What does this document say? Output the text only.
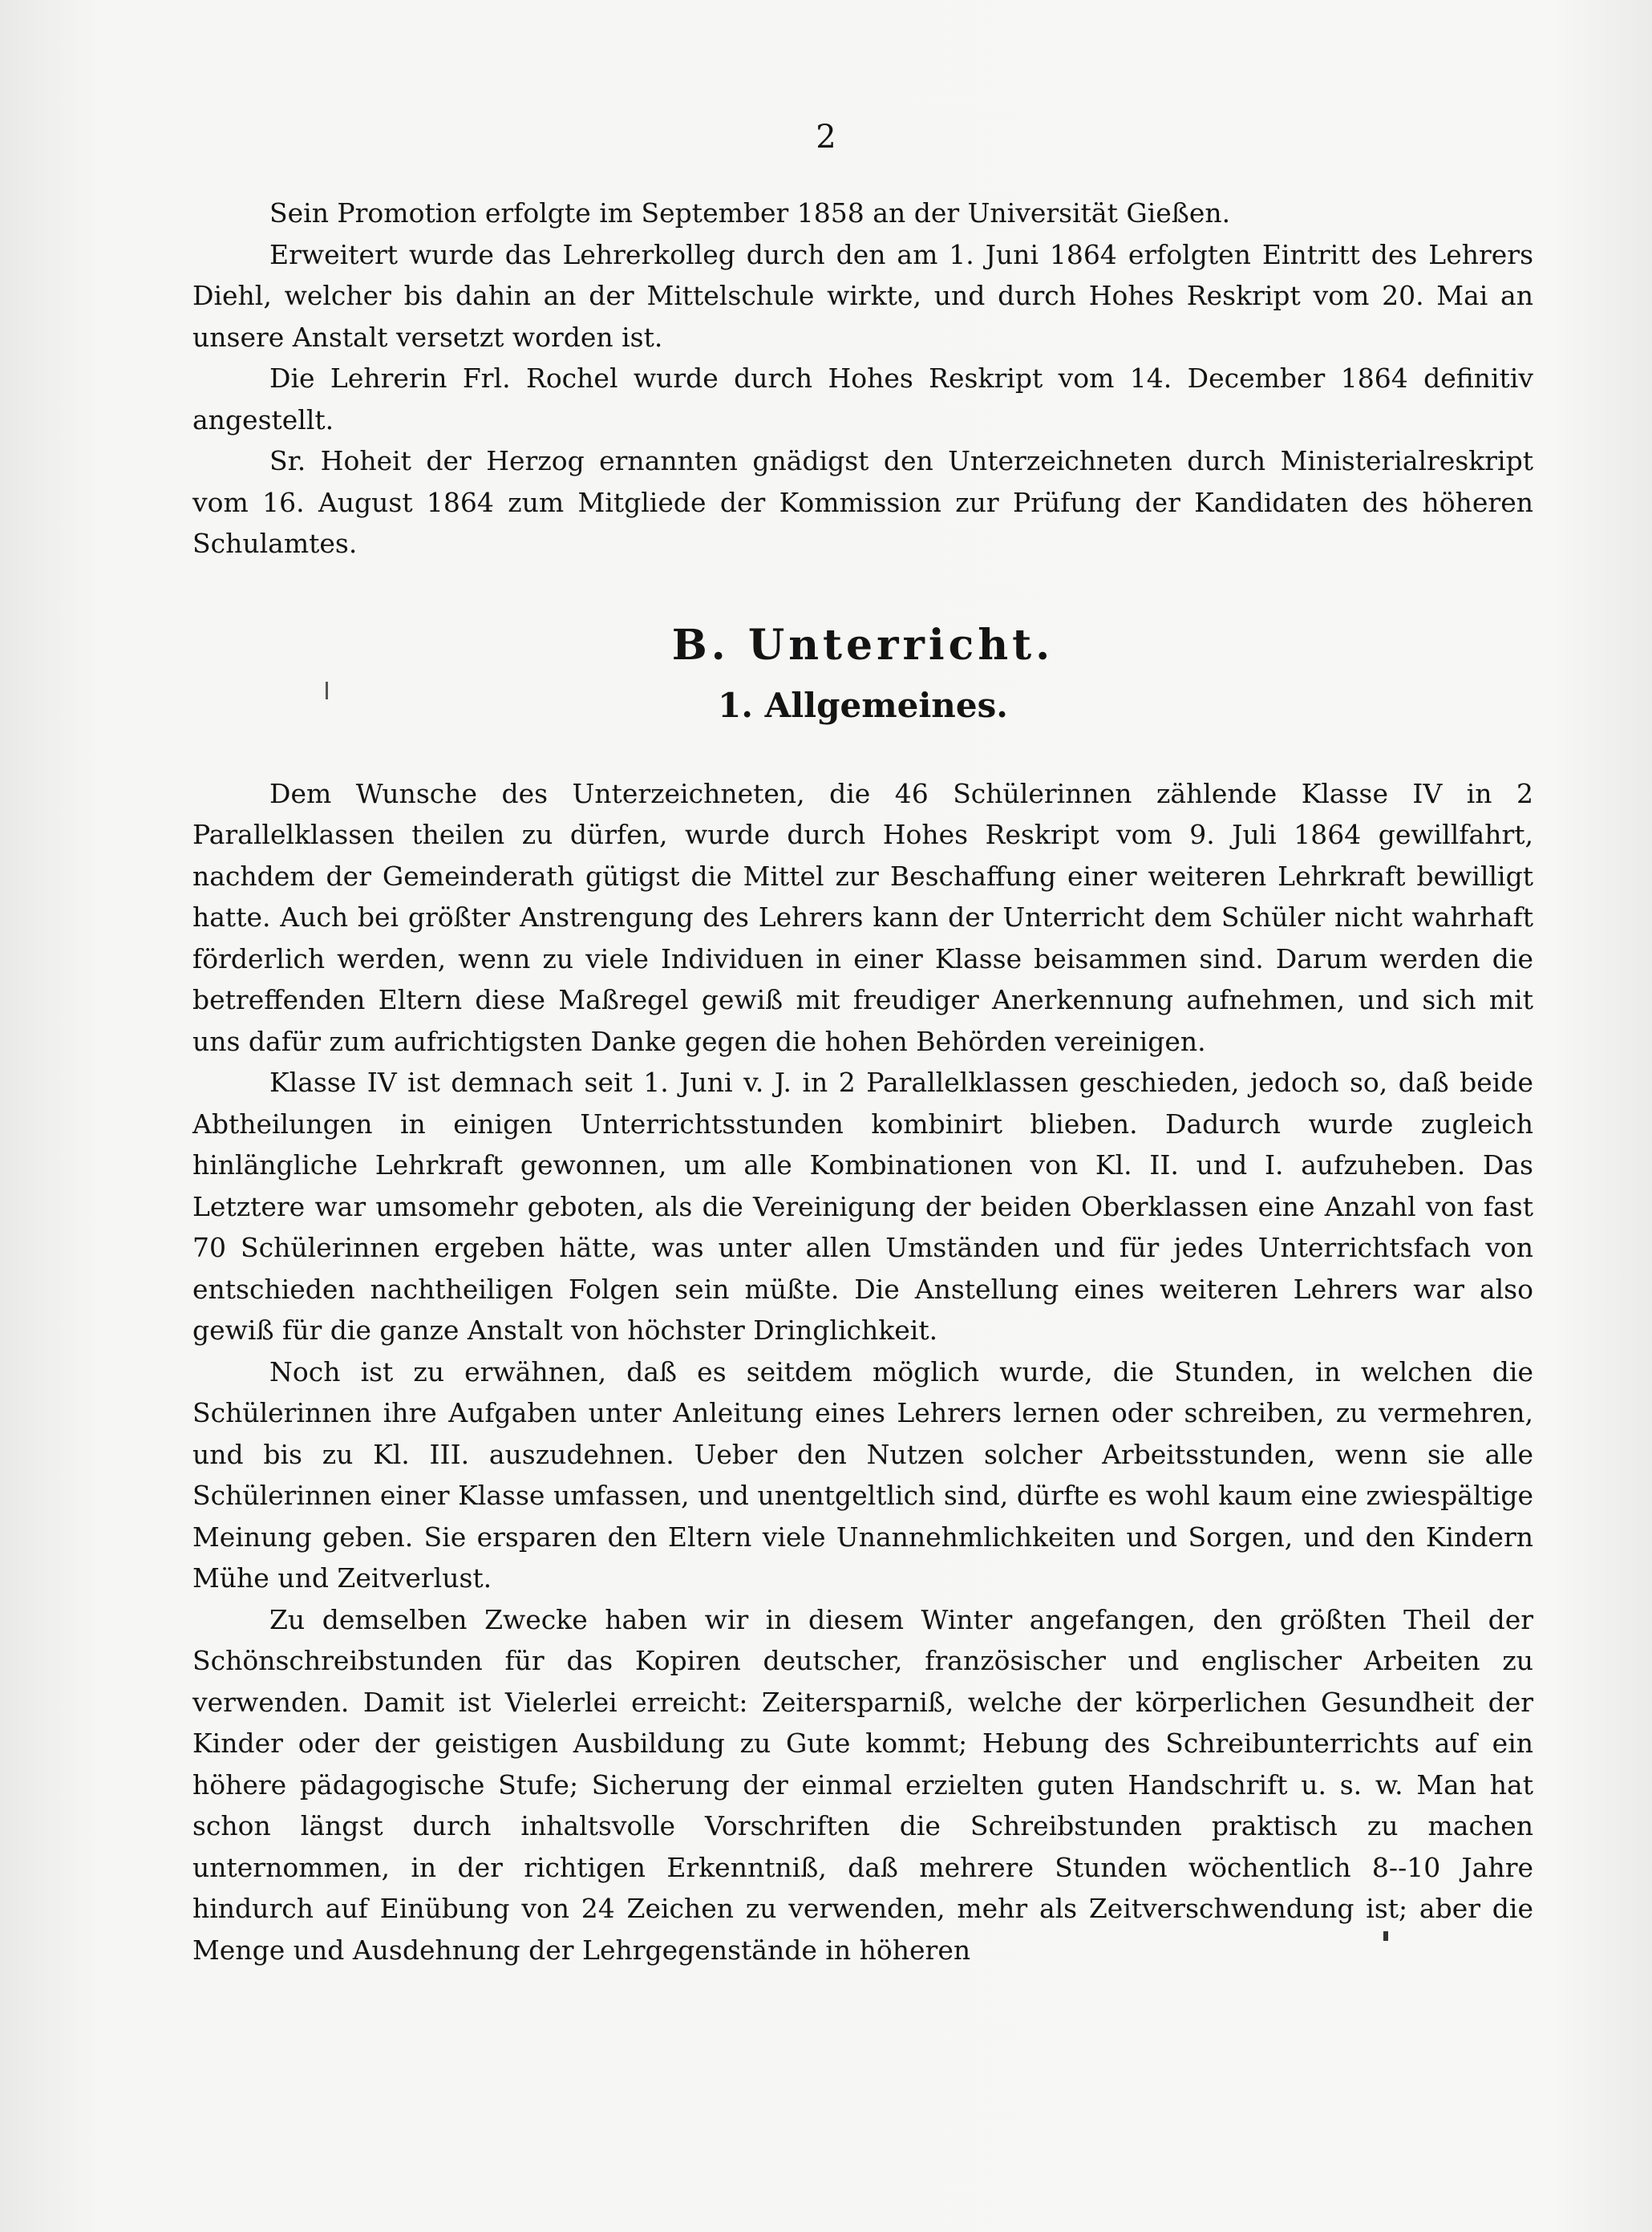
2

Sein Promotion erfolgte im September 1858 an der Universität Gießen.

Erweitert wurde das Lehrerkolleg durch den am 1. Juni 1864 erfolgten Eintritt des Lehrers Diehl, welcher bis dahin an der Mittelschule wirkte, und durch Hohes Reskript vom 20. Mai an unsere Anstalt versetzt worden ist.

Die Lehrerin Frl. Rochel wurde durch Hohes Reskript vom 14. December 1864 definitiv angestellt.

Sr. Hoheit der Herzog ernannten gnädigst den Unterzeichneten durch Ministerialreskript vom 16. August 1864 zum Mitgliede der Kommission zur Prüfung der Kandidaten des höheren Schulamtes.

B. Unterricht.
1. Allgemeines.

Dem Wunsche des Unterzeichneten, die 46 Schülerinnen zählende Klasse IV in 2 Parallelklassen theilen zu dürfen, wurde durch Hohes Reskript vom 9. Juli 1864 gewillfahrt, nachdem der Gemeinderath gütigst die Mittel zur Beschaffung einer weiteren Lehrkraft bewilligt hatte. Auch bei größter Anstrengung des Lehrers kann der Unterricht dem Schüler nicht wahrhaft förderlich werden, wenn zu viele Individuen in einer Klasse beisammen sind. Darum werden die betreffenden Eltern diese Maßregel gewiß mit freudiger Anerkennung aufnehmen, und sich mit uns dafür zum aufrichtigsten Danke gegen die hohen Behörden vereinigen.

Klasse IV ist demnach seit 1. Juni v. J. in 2 Parallelklassen geschieden, jedoch so, daß beide Abtheilungen in einigen Unterrichtsstunden kombinirt blieben. Dadurch wurde zugleich hinlängliche Lehrkraft gewonnen, um alle Kombinationen von Kl. II. und I. aufzuheben. Das Letztere war umsomehr geboten, als die Vereinigung der beiden Oberklassen eine Anzahl von fast 70 Schülerinnen ergeben hätte, was unter allen Umständen und für jedes Unterrichtsfach von entschieden nachtheiligen Folgen sein müßte. Die Anstellung eines weiteren Lehrers war also gewiß für die ganze Anstalt von höchster Dringlichkeit.

Noch ist zu erwähnen, daß es seitdem möglich wurde, die Stunden, in welchen die Schülerinnen ihre Aufgaben unter Anleitung eines Lehrers lernen oder schreiben, zu vermehren, und bis zu Kl. III. auszudehnen. Ueber den Nutzen solcher Arbeitsstunden, wenn sie alle Schülerinnen einer Klasse umfassen, und unentgeltlich sind, dürfte es wohl kaum eine zwiespältige Meinung geben. Sie ersparen den Eltern viele Unannehmlichkeiten und Sorgen, und den Kindern Mühe und Zeitverlust.

Zu demselben Zwecke haben wir in diesem Winter angefangen, den größten Theil der Schönschreibstunden für das Kopiren deutscher, französischer und englischer Arbeiten zu verwenden. Damit ist Vielerlei erreicht: Zeitersparniß, welche der körperlichen Gesundheit der Kinder oder der geistigen Ausbildung zu Gute kommt; Hebung des Schreibunterrichts auf ein höhere pädagogische Stufe; Sicherung der einmal erzielten guten Handschrift u. s. w. Man hat schon längst durch inhaltsvolle Vorschriften die Schreibstunden praktisch zu machen unternommen, in der richtigen Erkenntniß, daß mehrere Stunden wöchentlich 8--10 Jahre hindurch auf Einübung von 24 Zeichen zu verwenden, mehr als Zeitverschwendung ist; aber die Menge und Ausdehnung der Lehrgegenstände in höheren
